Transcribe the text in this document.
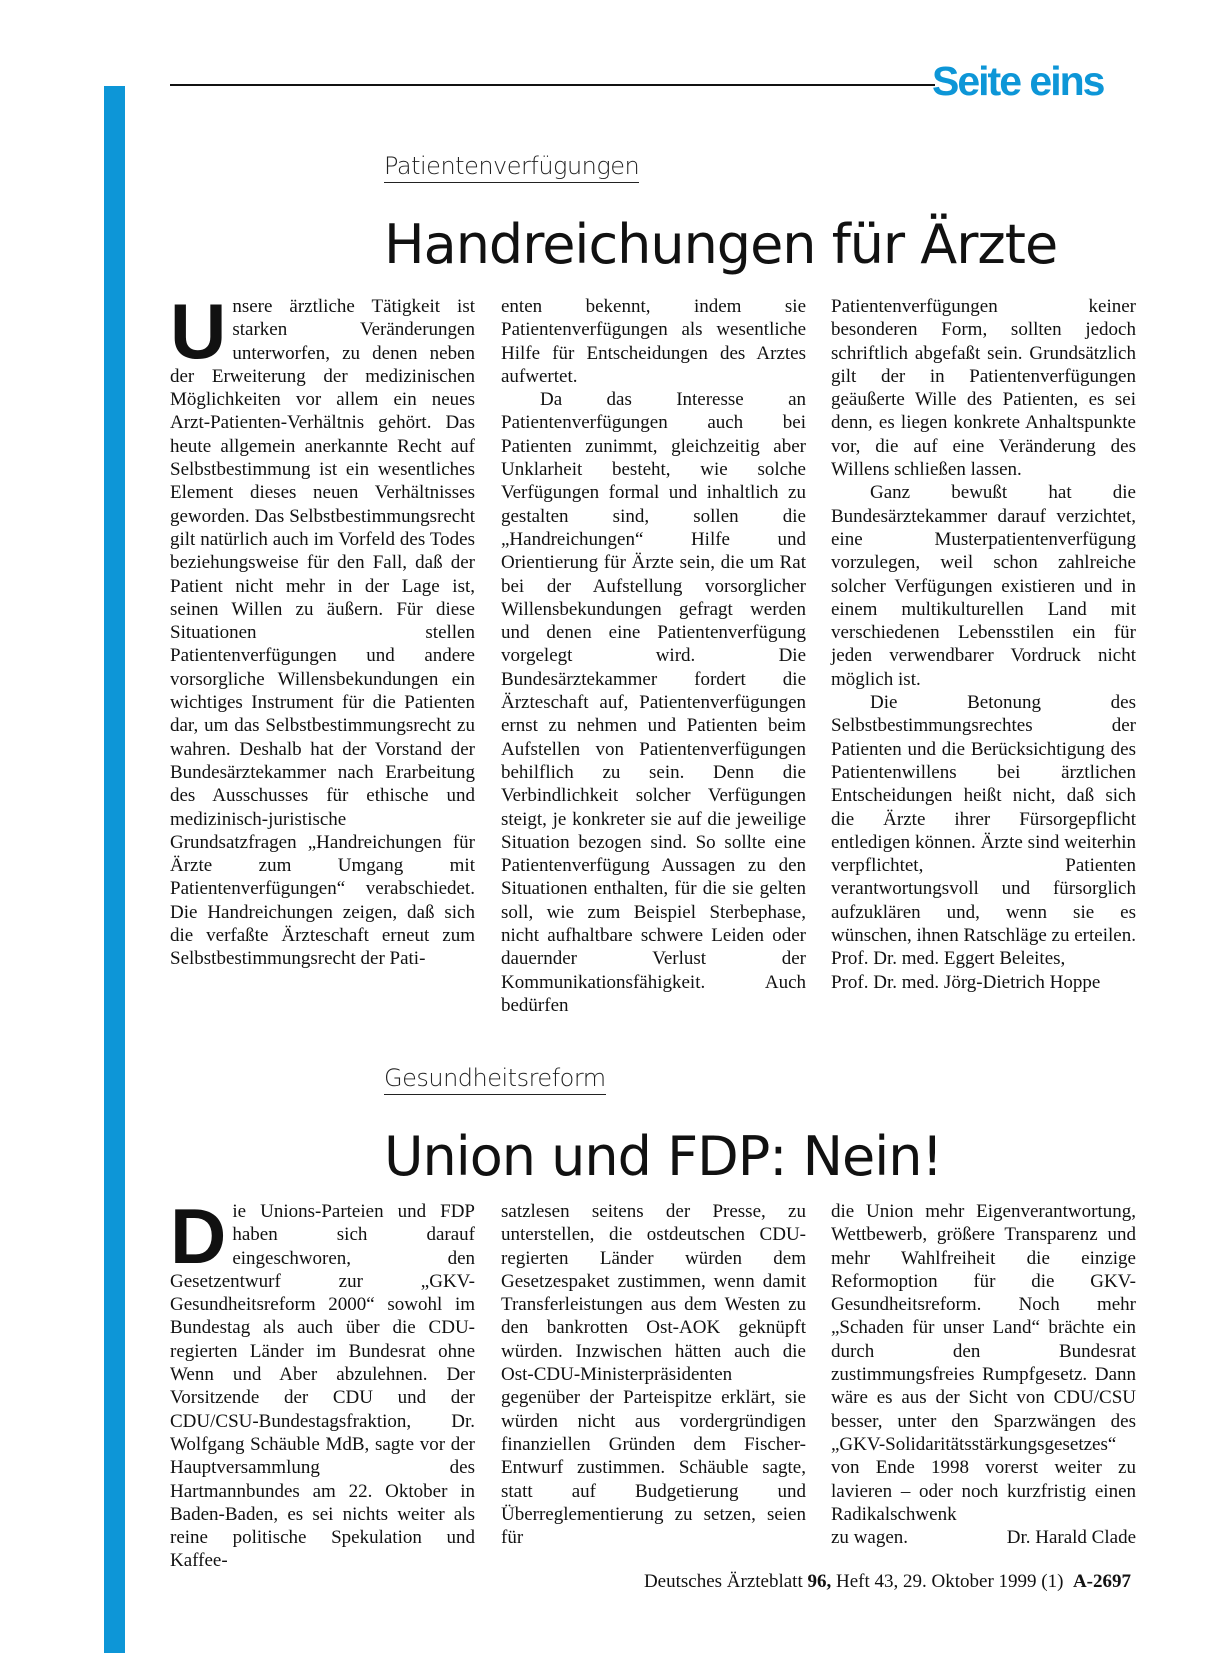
Seite eins
Patientenverfügungen
Handreichungen für Ärzte

Unsere ärztliche Tätigkeit ist starken Veränderungen unterworfen, zu denen neben der Erweiterung der medizinischen Möglichkeiten vor allem ein neues Arzt-Patienten-Verhältnis gehört. Das heute allgemein anerkannte Recht auf Selbstbestimmung ist ein wesentliches Element dieses neuen Verhältnisses geworden. Das Selbstbestimmungsrecht gilt natürlich auch im Vorfeld des Todes beziehungsweise für den Fall, daß der Patient nicht mehr in der Lage ist, seinen Willen zu äußern. Für diese Situationen stellen Patientenverfügungen und andere vorsorgliche Willensbekundungen ein wichtiges Instrument für die Patienten dar, um das Selbstbestimmungsrecht zu wahren. Deshalb hat der Vorstand der Bundesärztekammer nach Erarbeitung des Ausschusses für ethische und medizinisch-juristische Grundsatzfragen „Handreichungen für Ärzte zum Umgang mit Patientenverfügungen“ verabschiedet. Die Handreichungen zeigen, daß sich die verfaßte Ärzteschaft erneut zum Selbstbestimmungsrecht der Pati-

enten bekennt, indem sie Patientenverfügungen als wesentliche Hilfe für Entscheidungen des Arztes aufwertet.

Da das Interesse an Patientenverfügungen auch bei Patienten zunimmt, gleichzeitig aber Unklarheit besteht, wie solche Verfügungen formal und inhaltlich zu gestalten sind, sollen die „Handreichungen“ Hilfe und Orientierung für Ärzte sein, die um Rat bei der Aufstellung vorsorglicher Willensbekundungen gefragt werden und denen eine Patientenverfügung vorgelegt wird. Die Bundesärztekammer fordert die Ärzteschaft auf, Patientenverfügungen ernst zu nehmen und Patienten beim Aufstellen von Patientenverfügungen behilflich zu sein. Denn die Verbindlichkeit solcher Verfügungen steigt, je konkreter sie auf die jeweilige Situation bezogen sind. So sollte eine Patientenverfügung Aussagen zu den Situationen enthalten, für die sie gelten soll, wie zum Beispiel Sterbephase, nicht aufhaltbare schwere Leiden oder dauernder Verlust der Kommunikationsfähigkeit. Auch bedürfen

Patientenverfügungen keiner besonderen Form, sollten jedoch schriftlich abgefaßt sein. Grundsätzlich gilt der in Patientenverfügungen geäußerte Wille des Patienten, es sei denn, es liegen konkrete Anhaltspunkte vor, die auf eine Veränderung des Willens schließen lassen.

Ganz bewußt hat die Bundesärztekammer darauf verzichtet, eine Musterpatientenverfügung vorzulegen, weil schon zahlreiche solcher Verfügungen existieren und in einem multikulturellen Land mit verschiedenen Lebensstilen ein für jeden verwendbarer Vordruck nicht möglich ist.

Die Betonung des Selbstbestimmungsrechtes der Patienten und die Berücksichtigung des Patientenwillens bei ärztlichen Entscheidungen heißt nicht, daß sich die Ärzte ihrer Fürsorgepflicht entledigen können. Ärzte sind weiterhin verpflichtet, Patienten verantwortungsvoll und fürsorglich aufzuklären und, wenn sie es wünschen, ihnen Ratschläge zu erteilen.

Prof. Dr. med. Eggert Beleites,

Prof. Dr. med. Jörg-Dietrich Hoppe

Gesundheitsreform
Union und FDP: Nein!

Die Unions-Parteien und FDP haben sich darauf eingeschworen, den Gesetzentwurf zur „GKV-Gesundheitsreform 2000“ sowohl im Bundestag als auch über die CDU-regierten Länder im Bundesrat ohne Wenn und Aber abzulehnen. Der Vorsitzende der CDU und der CDU/CSU-Bundestagsfraktion, Dr. Wolfgang Schäuble MdB, sagte vor der Hauptversammlung des Hartmannbundes am 22. Oktober in Baden-Baden, es sei nichts weiter als reine politische Spekulation und Kaffee-

satzlesen seitens der Presse, zu unterstellen, die ostdeutschen CDU-regierten Länder würden dem Gesetzespaket zustimmen, wenn damit Transferleistungen aus dem Westen zu den bankrotten Ost-AOK geknüpft würden. Inzwischen hätten auch die Ost-CDU-Ministerpräsidenten gegenüber der Parteispitze erklärt, sie würden nicht aus vordergründigen finanziellen Gründen dem Fischer-Entwurf zustimmen. Schäuble sagte, statt auf Budgetierung und Überreglementierung zu setzen, seien für

die Union mehr Eigenverantwortung, Wettbewerb, größere Transparenz und mehr Wahlfreiheit die einzige Reformoption für die GKV-Gesundheitsreform. Noch mehr „Schaden für unser Land“ brächte ein durch den Bundesrat zustimmungsfreies Rumpfgesetz. Dann wäre es aus der Sicht von CDU/CSU besser, unter den Sparzwängen des „GKV-Solidaritätsstärkungsgesetzes“ von Ende 1998 vorerst weiter zu lavieren – oder noch kurzfristig einen Radikalschwenk

zu wagen.	Dr. Harald Clade

Deutsches Ärzteblatt 96, Heft 43, 29. Oktober 1999 (1) A-2697
